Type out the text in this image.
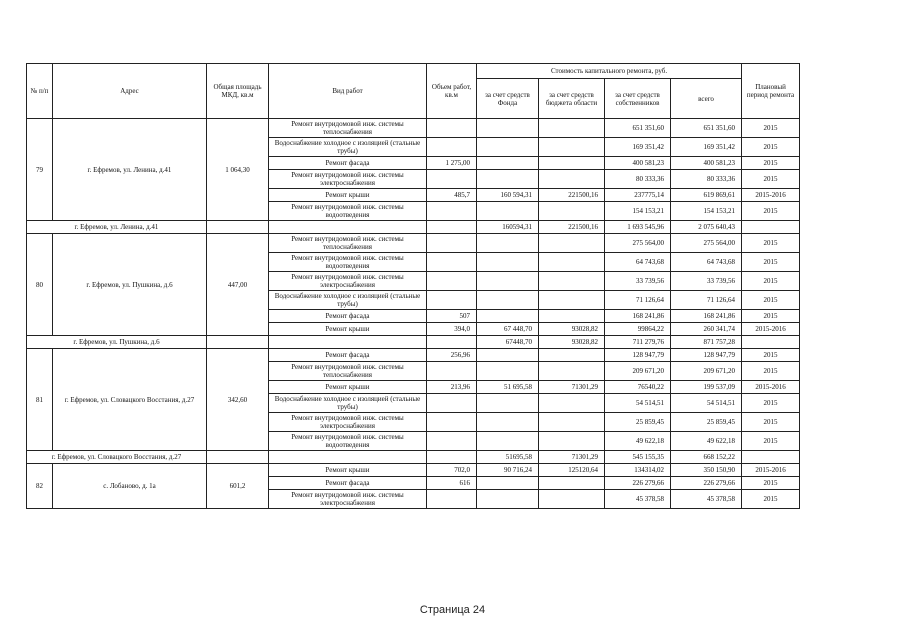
№ п/п	Адрес	Общая площадь МКД, кв.м	Вид работ	Объем работ, кв.м	Стоимость капитального ремонта, руб.				Плановый период ремонта
					за счет средств Фонда	за счет средств бюджета области	за счет средств собственников	всего	
79	г. Ефремов, ул. Ленина, д.41	1 064,30	Ремонт внутридомовой инж. системы теплоснабжения				651 351,60	651 351,60	2015
			Водоснабжение холодное с изоляцией (стальные трубы)				169 351,42	169 351,42	2015
			Ремонт фасада	1 275,00			400 581,23	400 581,23	2015
			Ремонт внутридомовой инж. системы электроснабжения				80 333,36	80 333,36	2015
			Ремонт крыши	485,7	160 594,31	221500,16	237775,14	619 869,61	2015-2016
			Ремонт внутридомовой инж. системы водоотведения				154 153,21	154 153,21	2015
г. Ефремов, ул. Ленина, д.41					160594,31	221500,16	1 693 545,96	2 075 640,43	
80	г. Ефремов, ул. Пушкина, д.6	447,00	Ремонт внутридомовой инж. системы теплоснабжения				275 564,00	275 564,00	2015
			Ремонт внутридомовой инж. системы водоотведения				64 743,68	64 743,68	2015
			Ремонт внутридомовой инж. системы электроснабжения				33 739,56	33 739,56	2015
			Водоснабжение холодное с изоляцией (стальные трубы)				71 126,64	71 126,64	2015
			Ремонт фасада	507			168 241,86	168 241,86	2015
			Ремонт крыши	394,0	67 448,70	93028,82	99864,22	260 341,74	2015-2016
г. Ефремов, ул. Пушкина, д.6					67448,70	93028,82	711 279,76	871 757,28	
81	г. Ефремов, ул. Словацкого Восстания, д.27	342,60	Ремонт фасада	256,96			128 947,79	128 947,79	2015
			Ремонт внутридомовой инж. системы теплоснабжения				209 671,20	209 671,20	2015
			Ремонт крыши	213,96	51 695,58	71301,29	76540,22	199 537,09	2015-2016
			Водоснабжение холодное с изоляцией (стальные трубы)				54 514,51	54 514,51	2015
			Ремонт внутридомовой инж. системы электроснабжения				25 859,45	25 859,45	2015
			Ремонт внутридомовой инж. системы водоотведения				49 622,18	49 622,18	2015
г. Ефремов, ул. Словацкого Восстания, д.27					51695,58	71301,29	545 155,35	668 152,22	
82	с. Лобаново, д. 1а	601,2	Ремонт крыши	702,0	90 716,24	125120,64	134314,02	350 150,90	2015-2016
			Ремонт фасада	616			226 279,66	226 279,66	2015
			Ремонт внутридомовой инж. системы электроснабжения				45 378,58	45 378,58	2015
Страница 24
